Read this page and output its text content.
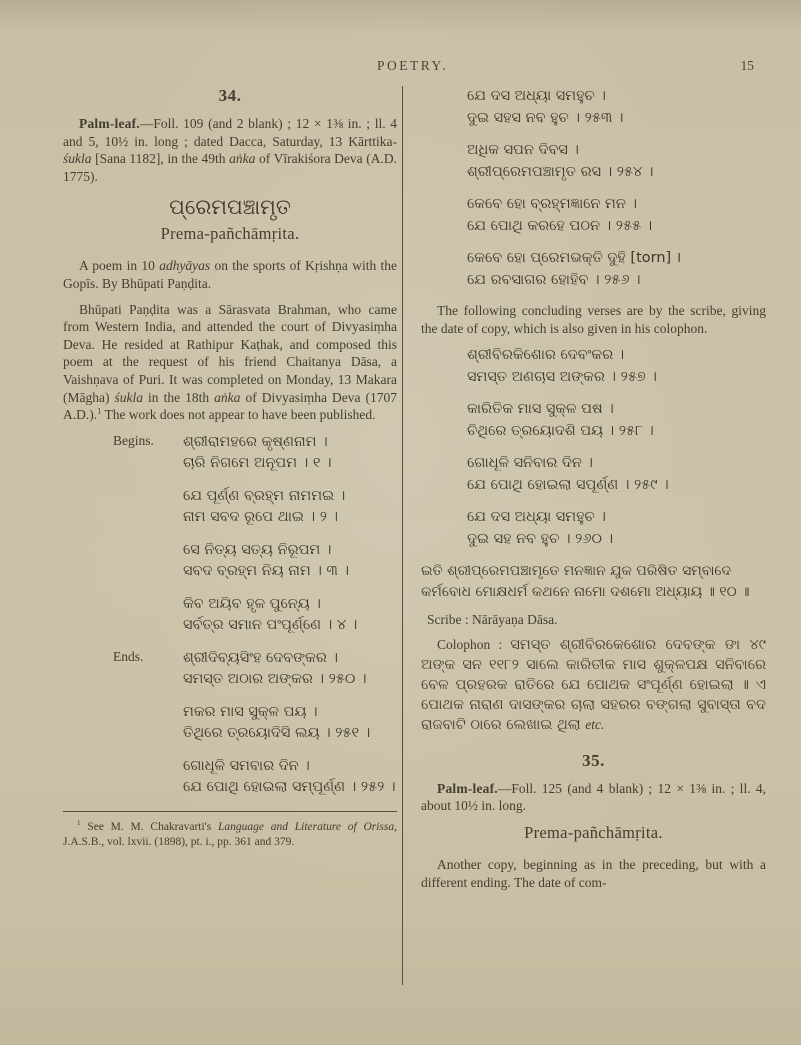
POETRY.	15
34.

Palm-leaf.—Foll. 109 (and 2 blank) ; 12 × 1⅜ in. ; ll. 4 and 5, 10½ in. long ; dated Dacca, Saturday, 13 Kārttika-śukla [Sana 1182], in the 49th aṅka of Vīrakiśora Deva (A.D. 1775).

ପ୍ରେମପଞ୍ଚାମୃତ
Prema-pañchāmṛita.

A poem in 10 adhyāyas on the sports of Kṛishṇa with the Gopīs. By Bhūpati Paṇḍita.

Bhūpati Paṇḍita was a Sārasvata Brahman, who came from Western India, and attended the court of Divyasiṃha Deva. He resided at Rathipur Kaṭhak, and composed this poem at the request of his friend Chaitanya Dāsa, a Vaishṇava of Puri. It was completed on Monday, 13 Makara (Māgha) śukla in the 18th aṅka of Divyasiṃha Deva (1707 A.D.).$^1$ The work does not appear to have been published.

Begins. ଶ୍ରୀରାମହରେ କୃଷ୍ଣନାମ ।
ଚାରି ନିଗମେ ଅନୂପମ । ୧ ।
ଯେ ପୂର୍ଣ୍ଣ ବ୍ରହ୍ମ ନାମମଇ ।
ନାମ ସବଦ ରୂପେ ଥାଇ । ୨ ।
ସେ ନିତ୍ୟ ସତ୍ୟ ନିରୂପମ ।
ସବଦ ବ୍ରହ୍ମ ନିୟ ନାମ । ୩ ।
କିବ ଅୟିବ ହୃଳ ପୁନ୍ୟେ ।
ସର୍ବତ୍ର ସମାନ ପଂପୂର୍ଣ୍ଣେ । ୪ ।
Ends.	ଶ୍ରୀଦିବ୍ୟସିଂହ ଦେବଙ୍କର ।
ସମସ୍ତ ଅଠାର ଅଙ୍କର । ୨୫୦ ।
ମକର ମାସ ସୁକ୍ଳ ପୟ ।
ତିଥିରେ ତ୍ରୟୋଦିସି ଲୟ । ୨୫୧ ।
ଗୋଧୂଳି ସମବାର ଦିନ ।
ଯେ ପୋଥି ହୋଇଲା ସମ୍ପୂର୍ଣ୍ଣ । ୨୫୨ ।

$^1$ See M. M. Chakravarti's Language and Literature of Orissa, J.A.S.B., vol. lxvii. (1898), pt. i., pp. 361 and 379.

ଯେ ଦସ ଅଧ୍ୟା ସମହୁଚ ।
ଦୁଇ ସହସ ନବ ହୁଚ । ୨୫୩ ।
ଅଧିକ ସପନ ଦିବସ ।
ଶ୍ରୀପ୍ରେମପଞ୍ଚାମୃତ ରସ । ୨୫୪ ।
କେବେ ହୋ ବ୍ରହ୍ମଜ୍ଞାନେ ମନ ।
ଯେ ପୋଥି କରହେ ପଠନ । ୨୫୫ ।
କେବେ ହୋ ପ୍ରେମଭକ୍ତି ଦୁହି [torn] ।
ଯେ ରବସାଗର ହୋହିବ । ୨୫୬ ।

The following concluding verses are by the scribe, giving the date of copy, which is also given in his colophon.

ଶ୍ରୀବିରକିଶୋର ଦେବଂକର ।
ସମସ୍ତ ଅଣଚାସ ଅଙ୍କର । ୨୫୭ ।
କାରିତିକ ମାସ ସୁକ୍ଳ ପଷ ।
ଚିଥିରେ ତ୍ରୟୋଦଶି ପୟ । ୨୫୮ ।
ଗୋଧୂଳି ସନିବାର ଦିନ ।
ଯେ ପୋଥି ହୋଇଲା ସପୂର୍ଣ୍ଣ । ୨୫୯ ।
ଯେ ଦସ ଅଧ୍ୟା ସମହୁଚ ।
ଦୁଇ ସହ ନବ ହୁଚ । ୨୬୦ ।
ଇତି ଶ୍ରୀପ୍ରେମପଞ୍ଚାମୃତେ ମନଜ୍ଞାନ ଯୁକ ପରିଷିତ ସମ୍ବାଦେ
କର୍ମବୋଧ ମୋକ୍ଷଧର୍ମ କଥନେ ନାମୋ ଦଶମୋ ଅଧ୍ୟାୟ ॥ ୧୦ ॥

Scribe : Nārāyaṇa Dāsa.

Colophon : ସମସ୍ତ ଶ୍ରୀବିରକେଶୋର ଦେବଙ୍କ ଙା ୪୯ ଅଙ୍କ ସନ ୧୧୮୨ ସାଲେ କାରିତୀକ ମାସ ଶୁକ୍ଳପକ୍ଷ ସନିବାରେ ବେଳ ପ୍ରହରକ ରାତିରେ ଯେ ପୋଥକ ସଂପୂର୍ଣ୍ଣ ହୋଇଲା ॥ ଏ ପୋଥକ ନାରାଣ ଦାସଙ୍କର ଚାଲା ସହରର ବଙ୍ଗଲା ସୁବାସ୍ତା ବଦ ରାଜବାଟି ଠାରେ ଲେଖାଇ ଥିଲା etc.

35.

Palm-leaf.—Foll. 125 (and 4 blank) ; 12 × 1⅜ in. ; ll. 4, about 10½ in. long.

Prema-pañchāmṛita.

Another copy, beginning as in the preceding, but with a different ending. The date of com-
